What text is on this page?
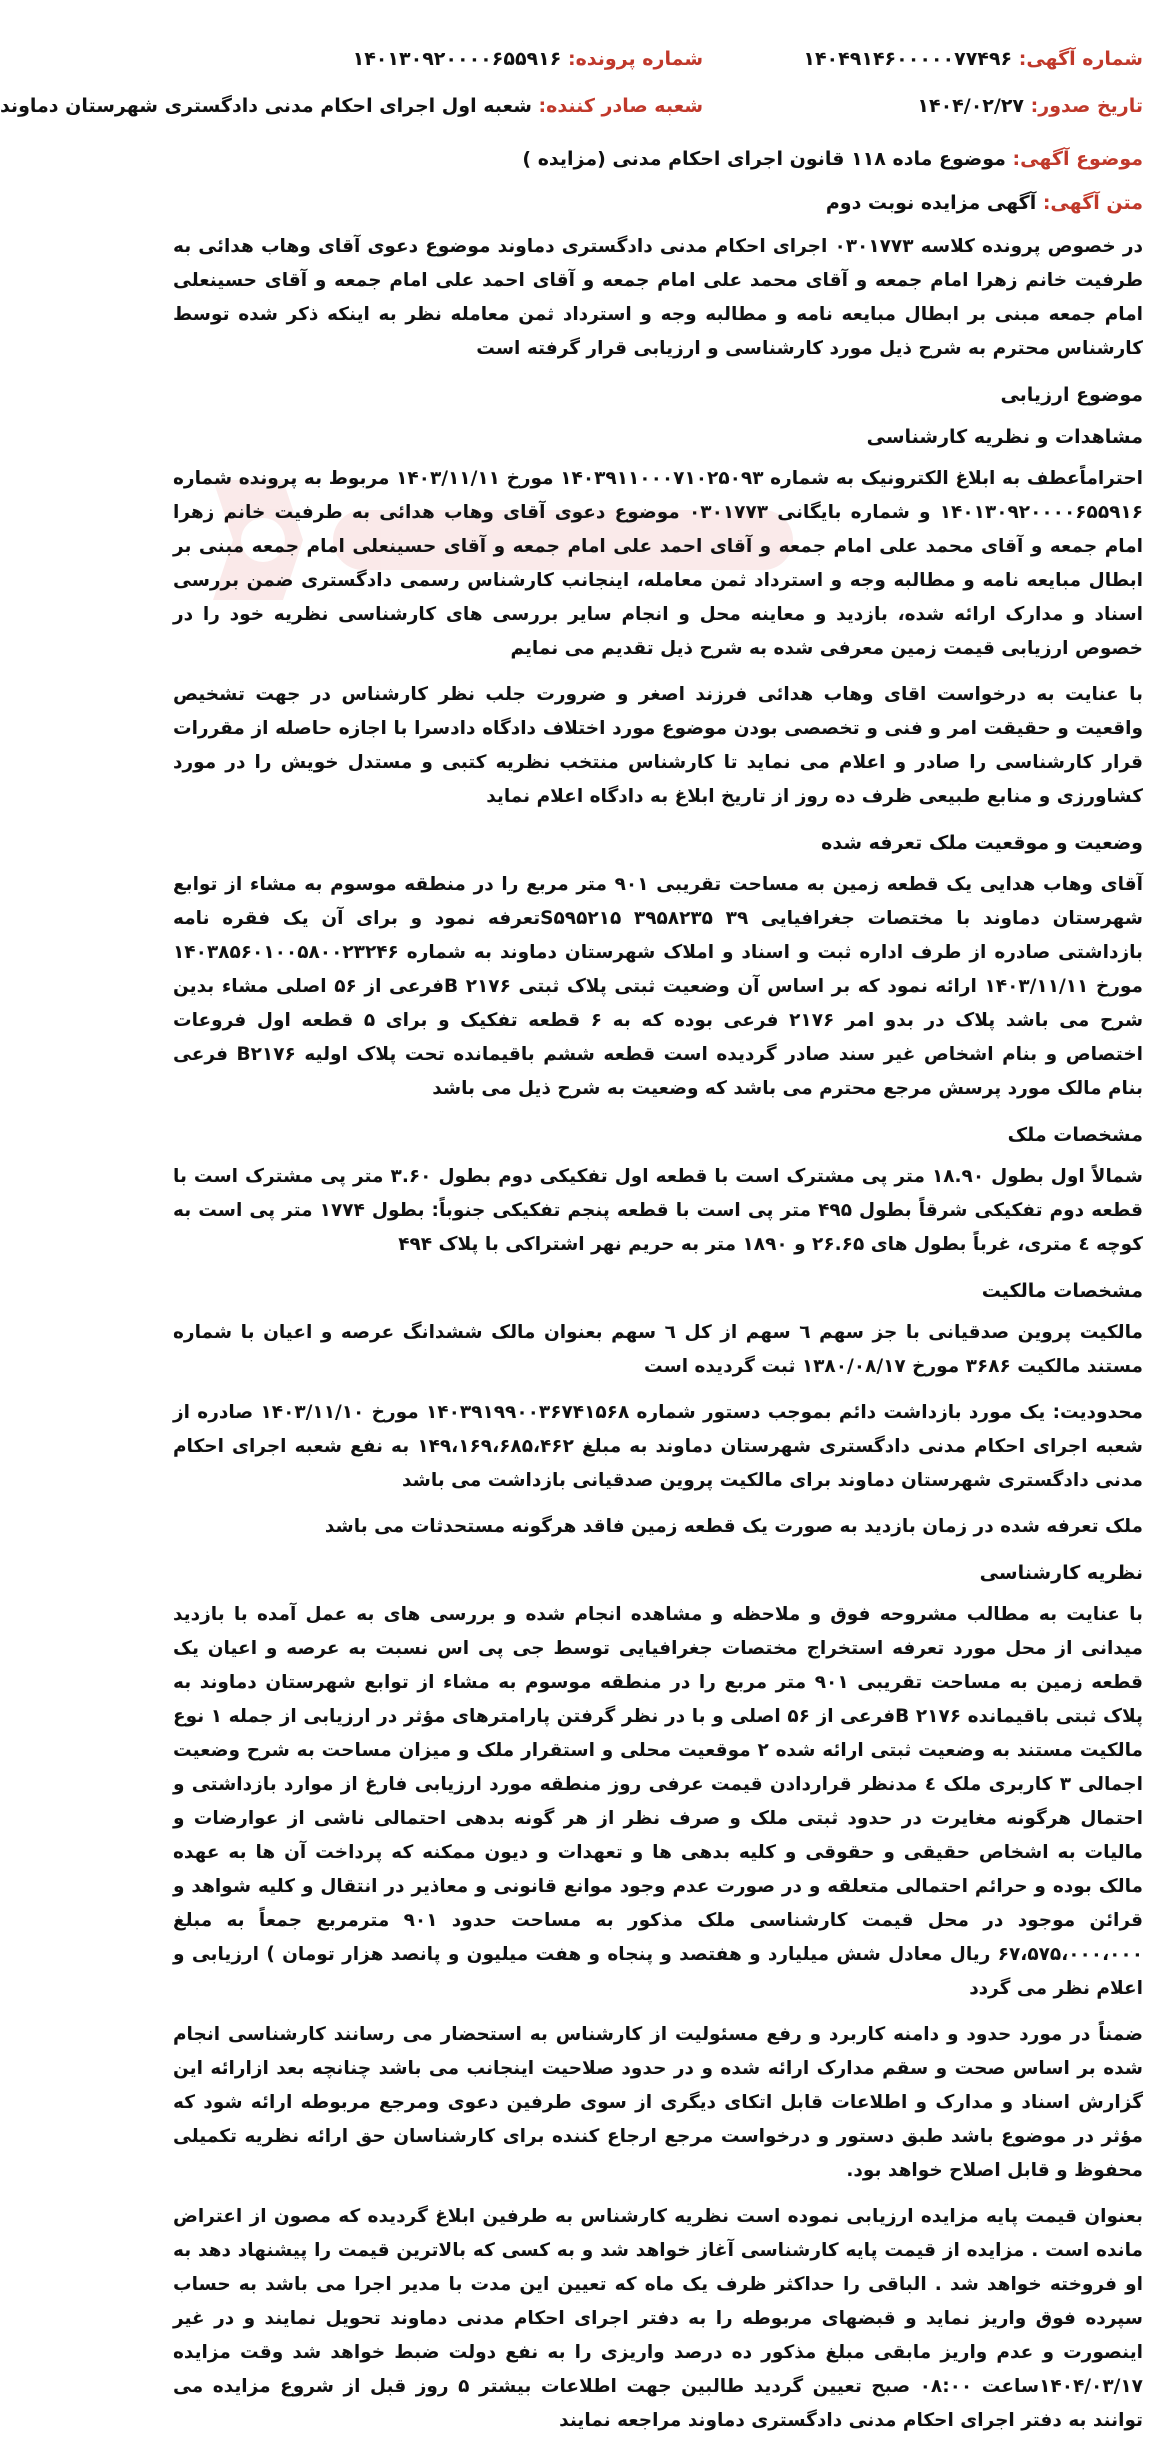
شماره آگهی: ۱۴۰۴۹۱۴۶۰۰۰۰۰۷۷۴۹۶
شماره پرونده: ۱۴۰۱۳۰۹۲۰۰۰۰۶۵۵۹۱۶
تاریخ صدور: ۱۴۰۴/۰۲/۲۷
شعبه صادر کننده: شعبه اول اجرای احکام مدنی دادگستری شهرستان دماوند
موضوع آگهی: موضوع ماده ۱۱۸ قانون اجرای احکام مدنی (مزایده )
متن آگهی: آگهی مزایده نوبت دوم

در خصوص پرونده کلاسه ۰۳۰۱۷۷۳ اجرای احکام مدنی دادگستری دماوند موضوع دعوی آقای وهاب هدائی به طرفیت خانم زهرا امام جمعه و آقای محمد علی امام جمعه و آقای احمد علی امام جمعه و آقای حسینعلی امام جمعه مبنی بر ابطال مبایعه نامه و مطالبه وجه و استرداد ثمن معامله نظر به اینکه ذکر شده توسط کارشناس محترم به شرح ذیل مورد کارشناسی و ارزیابی قرار گرفته است

موضوع ارزیابی
مشاهدات و نظریه کارشناسی

احتراماًعطف به ابلاغ الکترونیک به شماره ۱۴۰۳۹۱۱۰۰۰۷۱۰۲۵۰۹۳ مورخ ۱۴۰۳/۱۱/۱۱ مربوط به پرونده شماره ۱۴۰۱۳۰۹۲۰۰۰۰۶۵۵۹۱۶ و شماره بایگانی ۰۳۰۱۷۷۳ موضوع دعوی آقای وهاب هدائی به طرفیت خانم زهرا امام جمعه و آقای محمد علی امام جمعه و آقای احمد علی امام جمعه و آقای حسینعلی امام جمعه مبنی بر ابطال مبایعه نامه و مطالبه وجه و استرداد ثمن معامله، اینجانب کارشناس رسمی دادگستری ضمن بررسی اسناد و مدارک ارائه شده، بازدید و معاینه محل و انجام سایر بررسی های کارشناسی نظریه خود را در خصوص ارزیابی قیمت زمین معرفی شده به شرح ذیل تقدیم می نمایم

با عنایت به درخواست اقای وهاب هدائی فرزند اصغر و ضرورت جلب نظر کارشناس در جهت تشخیص واقعیت و حقیقت امر و فنی و تخصصی بودن موضوع مورد اختلاف دادگاه دادسرا با اجازه حاصله از مقررات قرار کارشناسی را صادر و اعلام می نماید تا کارشناس منتخب نظریه کتبی و مستدل خویش را در مورد کشاورزی و منابع طبیعی ظرف ده روز از تاریخ ابلاغ به دادگاه اعلام نماید

وضعیت و موقعیت ملک تعرفه شده

آقای وهاب هدایی یک قطعه زمین به مساحت تقریبی ۹۰۱ متر مربع را در منطقه موسوم به مشاء از توابع شهرستان دماوند با مختصات جغرافیایی ۳۹ S۵۹۵۲۱۵ ۳۹۵۸۲۳۵تعرفه نمود و برای آن یک فقره نامه بازداشتی صادره از طرف اداره ثبت و اسناد و املاک شهرستان دماوند به شماره ۱۴۰۳۸۵۶۰۱۰۰۵۸۰۰۲۳۲۴۶ مورخ ۱۴۰۳/۱۱/۱۱ ارائه نمود که بر اساس آن وضعیت ثبتی پلاک ثبتی ۲۱۷۶ Bفرعی از ۵۶ اصلی مشاء بدین شرح می باشد پلاک در بدو امر ۲۱۷۶ فرعی بوده که به ۶ قطعه تفکیک و برای ۵ قطعه اول فروعات اختصاص و بنام اشخاص غیر سند صادر گردیده است قطعه ششم باقیمانده تحت پلاک اولیه B۲۱۷۶ فرعی بنام مالک مورد پرسش مرجع محترم می باشد که وضعیت به شرح ذیل می باشد

مشخصات ملک

شمالاً اول بطول ۱۸.۹۰ متر پی مشترک است با قطعه اول تفکیکی دوم بطول ۳.۶۰ متر پی مشترک است با قطعه دوم تفکیکی شرقاً بطول ۴۹۵ متر پی است با قطعه پنجم تفکیکی جنوباً: بطول ۱۷۷۴ متر پی است به کوچه ٤ متری، غرباً بطول های ۲۶.۶۵ و ۱۸۹۰ متر به حریم نهر اشتراکی با پلاک ۴۹۴

مشخصات مالکیت

مالکیت پروین صدقیانی با جز سهم ٦ سهم از کل ٦ سهم بعنوان مالک ششدانگ عرصه و اعیان با شماره مستند مالکیت ۳۶۸۶ مورخ ۱۳۸۰/۰۸/۱۷ ثبت گردیده است

محدودیت: یک مورد بازداشت دائم بموجب دستور شماره ۱۴۰۳۹۱۹۹۰۰۳۶۷۴۱۵۶۸ مورخ ۱۴۰۳/۱۱/۱۰ صادره از شعبه اجرای احکام مدنی دادگستری شهرستان دماوند به مبلغ ۱۴۹،۱۶۹،۶۸۵،۴۶۲ به نفع شعبه اجرای احکام مدنی دادگستری شهرستان دماوند برای مالکیت پروین صدقیانی بازداشت می باشد

ملک تعرفه شده در زمان بازدید به صورت یک قطعه زمین فاقد هرگونه مستحدثات می باشد

نظریه کارشناسی

با عنایت به مطالب مشروحه فوق و ملاحظه و مشاهده انجام شده و بررسی های به عمل آمده با بازدید میدانی از محل مورد تعرفه استخراج مختصات جغرافیایی توسط جی پی اس نسبت به عرصه و اعیان یک قطعه زمین به مساحت تقریبی ۹۰۱ متر مربع را در منطقه موسوم به مشاء از توابع شهرستان دماوند به پلاک ثبتی باقیمانده ۲۱۷۶ Bفرعی از ۵۶ اصلی و با در نظر گرفتن پارامترهای مؤثر در ارزیابی از جمله ۱ نوع مالکیت مستند به وضعیت ثبتی ارائه شده ۲ موقعیت محلی و استقرار ملک و میزان مساحت به شرح وضعیت اجمالی ۳ کاربری ملک ٤ مدنظر قراردادن قیمت عرفی روز منطقه مورد ارزیابی فارغ از موارد بازداشتی و احتمال هرگونه مغایرت در حدود ثبتی ملک و صرف نظر از هر گونه بدهی احتمالی ناشی از عوارضات و مالیات به اشخاص حقیقی و حقوقی و کلیه بدهی ها و تعهدات و دیون ممکنه که پرداخت آن ها به عهده مالک بوده و حرائم احتمالی متعلقه و در صورت عدم وجود موانع قانونی و معاذیر در انتقال و کلیه شواهد و قرائن موجود در محل قیمت کارشناسی ملک مذکور به مساحت حدود ۹۰۱ مترمربع جمعاً به مبلغ ۶۷،۵۷۵،۰۰۰،۰۰۰ ریال معادل شش میلیارد و هفتصد و پنجاه و هفت میلیون و پانصد هزار تومان ) ارزیابی و اعلام نظر می گردد

ضمناً در مورد حدود و دامنه کاربرد و رفع مسئولیت از کارشناس به استحضار می رسانند کارشناسی انجام شده بر اساس صحت و سقم مدارک ارائه شده و در حدود صلاحیت اینجانب می باشد چنانچه بعد ازارائه این گزارش اسناد و مدارک و اطلاعات قابل اتکای دیگری از سوی طرفین دعوی ومرجع مربوطه ارائه شود که مؤثر در موضوع باشد طبق دستور و درخواست مرجع ارجاع کننده برای کارشناسان حق ارائه نظریه تکمیلی محفوظ و قابل اصلاح خواهد بود.

بعنوان قیمت پایه مزایده ارزیابی نموده است نظریه کارشناس به طرفین ابلاغ گردیده که مصون از اعتراض مانده است . مزایده از قیمت پایه کارشناسی آغاز خواهد شد و به کسی که بالاترین قیمت را پیشنهاد دهد به او فروخته خواهد شد . الباقی را حداکثر ظرف یک ماه که تعیین این مدت با مدیر اجرا می باشد به حساب سپرده فوق واریز نماید و قبضهای مربوطه را به دفتر اجرای احکام مدنی دماوند تحویل نمایند و در غیر اینصورت و عدم واریز مابقی مبلغ مذکور ده درصد واریزی را به نفع دولت ضبط خواهد شد وقت مزایده ۱۴۰۴/۰۳/۱۷ساعت ۰۸:۰۰ صبح تعیین گردید طالبین جهت اطلاعات بیشتر ۵ روز قبل از شروع مزایده می توانند به دفتر اجرای احکام مدنی دادگستری دماوند مراجعه نمایند
